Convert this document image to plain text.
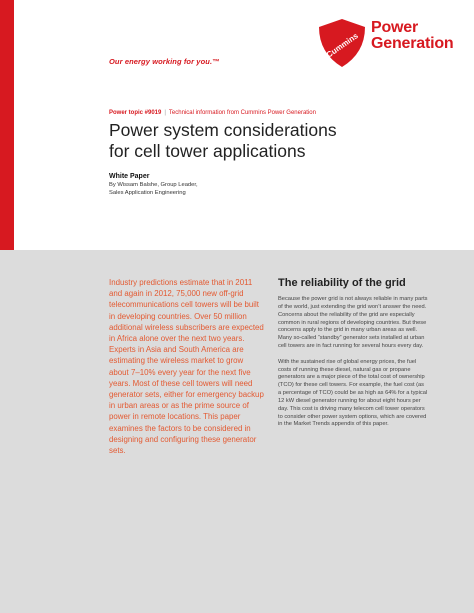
Cummins
Power
Generation
Our energy working for you.™
Power topic #9019 | Technical information from Cummins Power Generation
Power system considerations
for cell tower applications
White Paper
By Wissam Balshe, Group Leader,
Sales Application Engineering
Industry predictions estimate that in 2011 and again in 2012, 75,000 new off-grid telecommunications cell towers will be built in developing countries. Over 50 million additional wireless subscribers are expected in Africa alone over the next two years. Experts in Asia and South America are estimating the wireless market to grow about 7–10% every year for the next five years. Most of these cell towers will need generator sets, either for emergency backup in urban areas or as the prime source of power in remote locations. This paper examines the factors to be considered in designing and configuring these generator sets.
The reliability of the grid

Because the power grid is not always reliable in many parts of the world, just extending the grid won’t answer the need. Concerns about the reliability of the grid are especially common in rural regions of developing countries. But these concerns apply to the grid in many urban areas as well. Many so-called “standby” generator sets installed at urban cell towers are in fact running for several hours every day.

With the sustained rise of global energy prices, the fuel costs of running these diesel, natural gas or propane generators are a major piece of the total cost of ownership (TCO) for these cell towers. For example, the fuel cost (as a percentage of TCO) could be as high as 64% for a typical 12 kW diesel generator running for about eight hours per day. This cost is driving many telecom cell tower operators to consider other power system options, which are covered in the Market Trends appendix of this paper.
